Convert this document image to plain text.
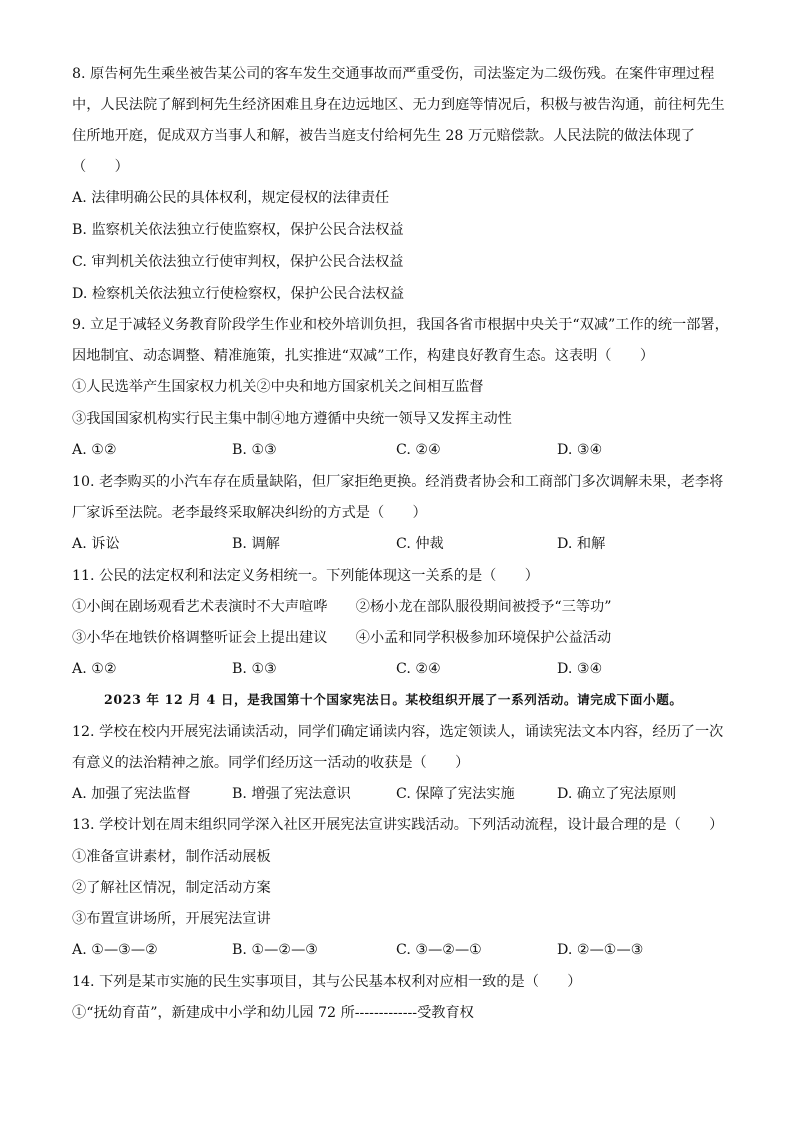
8. 原告柯先生乘坐被告某公司的客车发生交通事故而严重受伤，司法鉴定为二级伤残。在案件审理过程
中，人民法院了解到柯先生经济困难且身在边远地区、无力到庭等情况后，积极与被告沟通，前往柯先生
住所地开庭，促成双方当事人和解，被告当庭支付给柯先生 28 万元赔偿款。人民法院的做法体现了
（　　）
A. 法律明确公民的具体权利，规定侵权的法律责任
B. 监察机关依法独立行使监察权，保护公民合法权益
C. 审判机关依法独立行使审判权，保护公民合法权益
D. 检察机关依法独立行使检察权，保护公民合法权益
9. 立足于减轻义务教育阶段学生作业和校外培训负担，我国各省市根据中央关于“双减”工作的统一部署，
因地制宜、动态调整、精准施策，扎实推进“双减”工作，构建良好教育生态。这表明（　　）
①人民选举产生国家权力机关②中央和地方国家机关之间相互监督
③我国国家机构实行民主集中制④地方遵循中央统一领导又发挥主动性
A. ①②	B. ①③	C. ②④	D. ③④
10. 老李购买的小汽车存在质量缺陷，但厂家拒绝更换。经消费者协会和工商部门多次调解未果，老李将
厂家诉至法院。老李最终采取解决纠纷的方式是（　　）
A. 诉讼	B. 调解	C. 仲裁	D. 和解
11. 公民的法定权利和法定义务相统一。下列能体现这一关系的是（　　）
①小闽在剧场观看艺术表演时不大声喧哗　　②杨小龙在部队服役期间被授予“三等功”
③小华在地铁价格调整听证会上提出建议　　④小孟和同学积极参加环境保护公益活动
A. ①②	B. ①③	C. ②④	D. ③④
2023 年 12 月 4 日，是我国第十个国家宪法日。某校组织开展了一系列活动。请完成下面小题。
12. 学校在校内开展宪法诵读活动，同学们确定诵读内容，选定领读人，诵读宪法文本内容，经历了一次
有意义的法治精神之旅。同学们经历这一活动的收获是（　　）
A. 加强了宪法监督	B. 增强了宪法意识	C. 保障了宪法实施	D. 确立了宪法原则
13. 学校计划在周末组织同学深入社区开展宪法宣讲实践活动。下列活动流程，设计最合理的是（　　）
①准备宣讲素材，制作活动展板
②了解社区情况，制定活动方案
③布置宣讲场所，开展宪法宣讲
A. ①—③—②	B. ①—②—③	C. ③—②—①	D. ②—①—③
14. 下列是某市实施的民生实事项目，其与公民基本权利对应相一致的是（　　）
①“抚幼育苗”，新建成中小学和幼儿园 72 所-------------受教育权
